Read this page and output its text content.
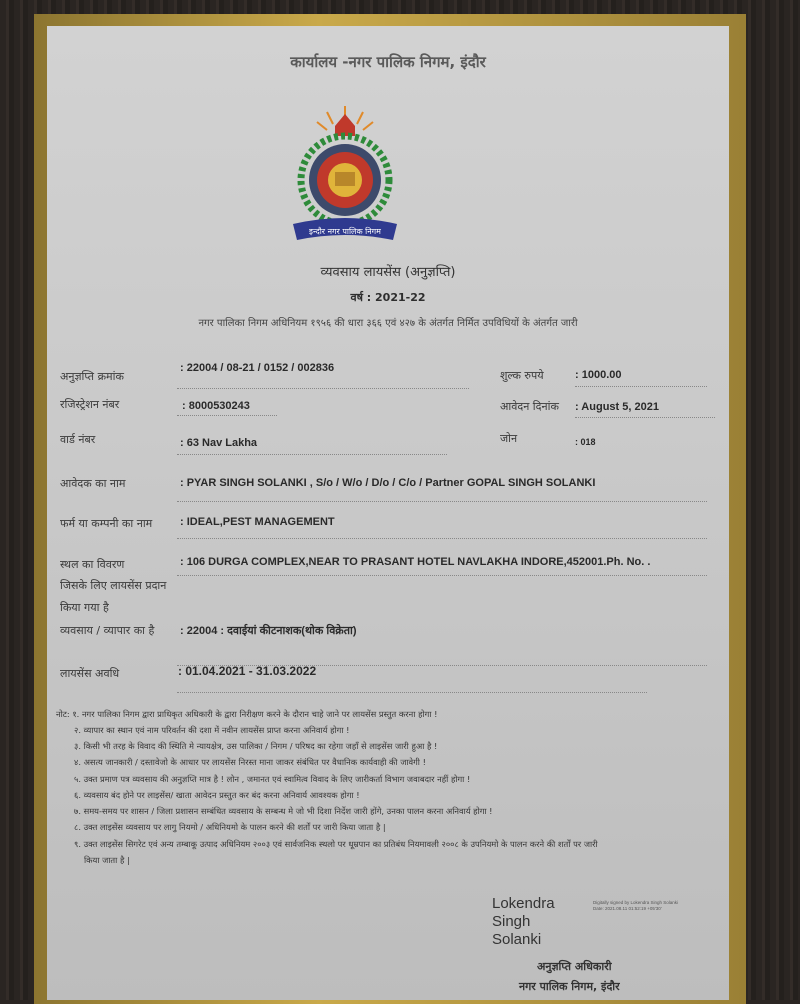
कार्यालय -नगर पालिक निगम, इंदौर
इन्दौर नगर पालिक निगम
व्यवसाय लायसेंस (अनुज्ञप्ति)
वर्ष : 2021-22
नगर पालिका निगम अधिनियम १९५६ की धारा ३६६ एवं ४२७ के अंतर्गत निर्मित उपविधियों के अंतर्गत जारी
अनुज्ञप्ति क्रमांक
: 22004 / 08-21 / 0152 / 002836
शुल्क रुपये	: 1000.00
रजिस्ट्रेशन नंबर	: 8000530243	आवेदन दिनांक : August 5, 2021
वार्ड नंबर	: 63 Nav Lakha	जोन	: 018
आवेदक का नाम	: PYAR SINGH SOLANKI , S/o / W/o / D/o / C/o / Partner GOPAL SINGH SOLANKI
फर्म या कम्पनी का नाम	: IDEAL,PEST MANAGEMENT
स्थल का विवरण
जिसके लिए लायसेंस प्रदान
किया गया है
: 106 DURGA COMPLEX,NEAR TO PRASANT HOTEL NAVLAKHA INDORE,452001.Ph. No. .
व्यवसाय / व्यापार का है : 22004 : दवाईयां कीटनाशक(थोक विक्रेता)
लायसेंस अवधि	: 01.04.2021 - 31.03.2022
नोट: १. नगर पालिका निगम द्वारा प्राधिकृत अधिकारी के द्वारा निरीक्षण करने के दौरान चाहे जाने पर लायसेंस प्रस्तुत करना होगा !
२. व्यापार का स्थान एवं नाम परिवर्तन की दशा में नवीन लायसेंस प्राप्त करना अनिवार्य होगा !
३. किसी भी तरह के विवाद की स्थिति मे न्यायक्षेत्र, उस पालिका / निगम / परिषद का रहेगा जहाँ से लाइसेंस जारी हुआ है !
४. असत्य जानकारी / दस्तावेजो के आधार पर लायसेंस निरस्त माना जाकर संबंधित पर वैधानिक कार्यवाही की जावेगी !
५. उक्त प्रमाण पत्र व्यवसाय की अनुज्ञप्ति मात्र है ! लोन , जमानत एवं स्वामित्व विवाद के लिए जारीकर्ता विभाग जवाबदार नहीं होगा !
६. व्यवसाय बंद होने पर लाइसेंस/ खाता आवेदन प्रस्तुत कर बंद करना अनिवार्य आवश्यक होगा !
७. समय-समय पर शासन / जिला प्रशासन सम्बंधित व्यवसाय के सम्बन्ध मे जो भी दिशा निर्देश जारी होंगे, उनका पालन करना अनिवार्य होगा !
८. उक्त लाइसेंस व्यवसाय पर लागु नियमो / अधिनियमो के पालन करने की शर्तों पर जारी किया जाता है |
९. उक्त लाइसेंस सिगरेट एवं अन्य तम्बाकू उत्पाद अधिनियम २००३ एवं सार्वजनिक स्थलो पर धूम्रपान का प्रतिबंध नियमावली २००८ के उपनियमो के पालन करने की शर्तों पर जारी
किया जाता है |
Lokendra
Singh
Solanki
Digitally signed by Lokendra Singh Solanki
Date: 2021.08.11 01:52:19 +05'30'
अनुज्ञप्ति अधिकारी
नगर पालिक निगम, इंदौर
